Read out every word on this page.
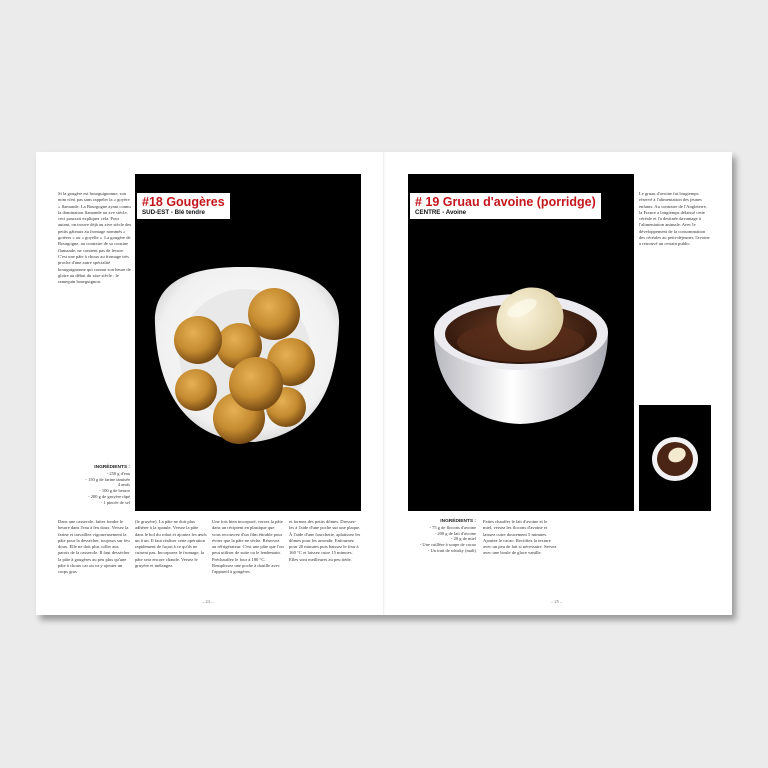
Si la gougère est bourguignonne, son nom n'est pas sans rappeler la « goyère » flamande. La Bourgogne ayant connu la domination flamande au xve siècle, ceci pourrait expliquer cela. Pour autant, on trouve déjà au xive siècle des petits gâteaux au fromage nommés « goières » ou « goyelle ». La gougère de Bourgogne, au contraire de sa cousine flamande, ne contient pas de levure. C'est une pâte à choux au fromage très proche d'une autre spécialité bourguignonne qui connut son heure de gloire au début du xixe siècle : le ramequin bourguignon.

#18 Gougères
SUD-EST - Blé tendre
INGRÉDIENTS :
- 250 g d'eau
- 150 g de farine tamisée
4 œufs
- 100 g de beurre
- 200 g de gruyère râpé
- 1 pincée de sel

Dans une casserole, faites fondre le beurre dans l'eau à feu doux. Versez la farine et travaillez vigoureusement la pâte pour la dessécher, toujours sur feu doux. Elle ne doit plus coller aux parois de la casserole. Il faut dessécher la pâte à gougères au peu plus qu'une pâte à choux car on va y ajouter un corps gras

(le gruyère). La pâte ne doit plus adhérer à la spatule. Versez la pâte dans le bol du robot et ajoutez les œufs un à un. Il faut réaliser cette opération rapidement de façon à ce qu'ils ne cuisent pas. Incorporez le fromage, la pâte sera encore chaude. Versez le gruyère et mélangez.

Une fois bien incorporé, versez la pâte dans un récipient en plastique que vous recouvrez d'un film étirable pour éviter que la pâte ne sèche. Réservez au réfrigérateur. C'est une pâte que l'on peut utiliser de suite ou le lendemain. Préchauffez le four à 180 °C. Remplissez une poche à douille avec l'appareil à gougères

et formez des petits dômes. Dressez-les à l'aide d'une poche sur une plaque. À l'aide d'une fourchette, aplatissez les dômes pour les arrondir. Enfournez pour 20 minutes puis baissez le four à 160 °C et laissez cuire 15 minutes. Elles sont meilleures au peu tiède.

– 24 –
# 19 Gruau d'avoine (porridge)
CENTRE - Avoine

Le gruau d'avoine fut longtemps réservé à l'alimentation des jeunes enfants. Au contraire de l'Angleterre, la France a longtemps délaissé cette céréale et l'a destinée davantage à l'alimentation animale. Avec le développement de la consommation des céréales au petit-déjeuner, l'avoine a retrouvé un certain public.

INGRÉDIENTS :
- 75 g de flocons d'avoine
- 200 g de lait d'avoine
- 20 g de miel
- Une cuillère à soupe de cacao
- Un trait de whisky (malt)

Faites chauffer le lait d'avoine et le miel, versez les flocons d'avoine et laissez cuire doucement 5 minutes. Ajoutez le cacao. Rectifiez la texture avec un peu de lait si nécessaire. Servez avec une boule de glace vanille.

– 25 –
